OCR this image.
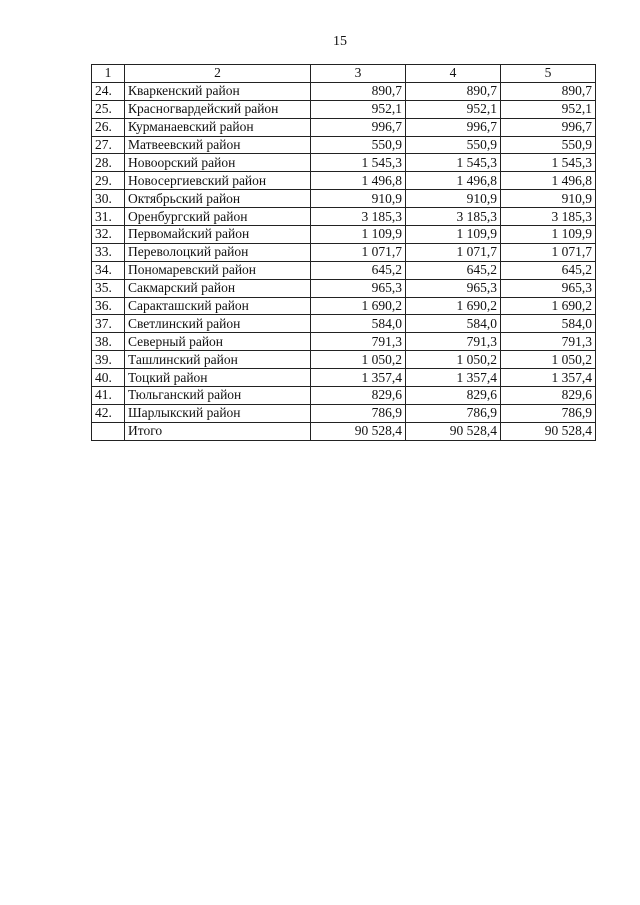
15
1	2	3	4	5
24.	Кваркенский район	890,7	890,7	890,7
25.	Красногвардейский район	952,1	952,1	952,1
26.	Курманаевский район	996,7	996,7	996,7
27.	Матвеевский район	550,9	550,9	550,9
28.	Новоорский район	1 545,3	1 545,3	1 545,3
29.	Новосергиевский район	1 496,8	1 496,8	1 496,8
30.	Октябрьский район	910,9	910,9	910,9
31.	Оренбургский район	3 185,3	3 185,3	3 185,3
32.	Первомайский район	1 109,9	1 109,9	1 109,9
33.	Переволоцкий район	1 071,7	1 071,7	1 071,7
34.	Пономаревский район	645,2	645,2	645,2
35.	Сакмарский район	965,3	965,3	965,3
36.	Саракташский район	1 690,2	1 690,2	1 690,2
37.	Светлинский район	584,0	584,0	584,0
38.	Северный район	791,3	791,3	791,3
39.	Ташлинский район	1 050,2	1 050,2	1 050,2
40.	Тоцкий район	1 357,4	1 357,4	1 357,4
41.	Тюльганский район	829,6	829,6	829,6
42.	Шарлыкский район	786,9	786,9	786,9
	Итого	90 528,4	90 528,4	90 528,4
